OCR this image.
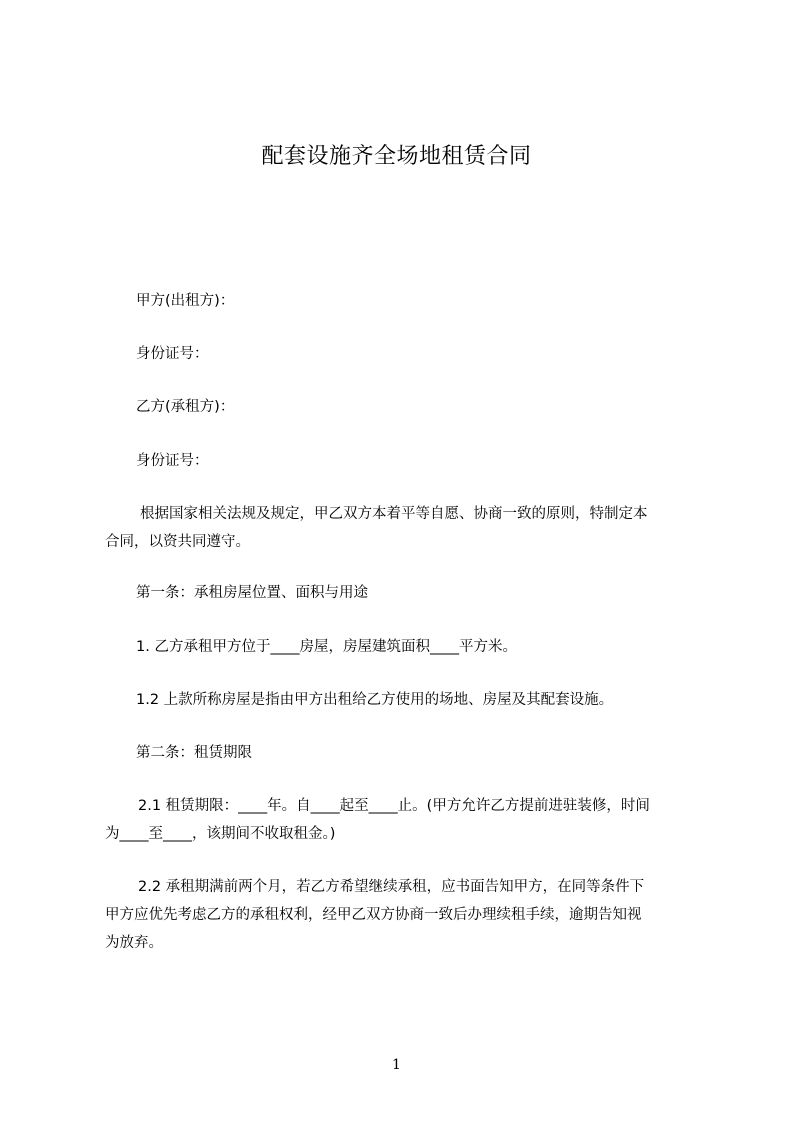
配套设施齐全场地租赁合同
甲方(出租方)：
身份证号：
乙方(承租方)：
身份证号：
根据国家相关法规及规定，甲乙双方本着平等自愿、协商一致的原则，特制定本
合同，以资共同遵守。
第一条：承租房屋位置、面积与用途
1. 乙方承租甲方位于____房屋，房屋建筑面积____平方米。
1.2 上款所称房屋是指由甲方出租给乙方使用的场地、房屋及其配套设施。
第二条：租赁期限
2.1 租赁期限：____年。自____起至____止。(甲方允许乙方提前进驻装修，时间
为____至____，该期间不收取租金。)
2.2 承租期满前两个月，若乙方希望继续承租，应书面告知甲方，在同等条件下
甲方应优先考虑乙方的承租权利，经甲乙双方协商一致后办理续租手续，逾期告知视
为放弃。
1
